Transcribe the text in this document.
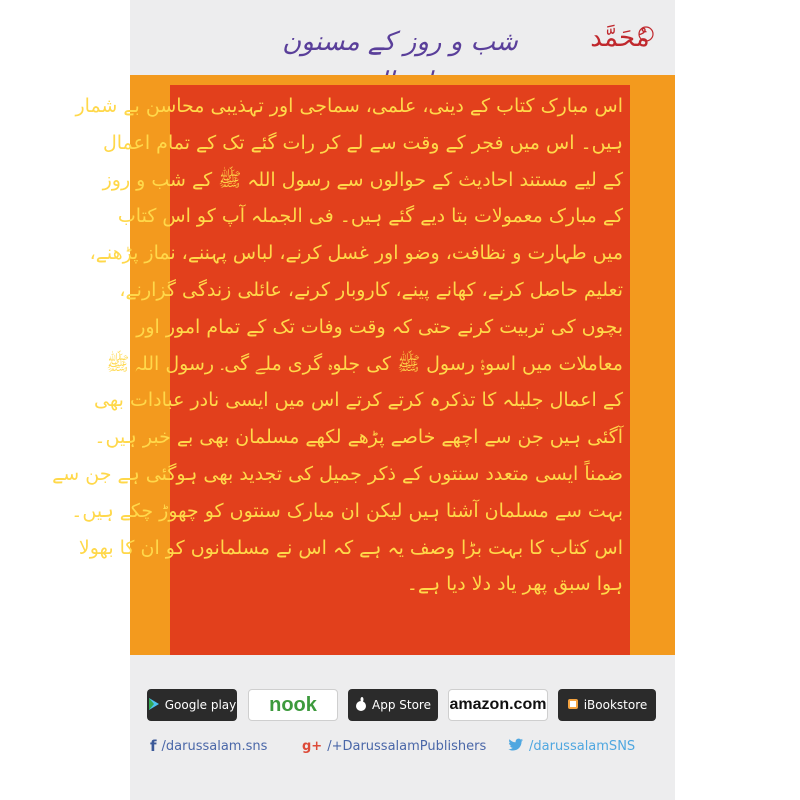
مُحَمَّد
شب و روز کے مسنون
اس مبارک کتاب کے دینی، علمی، سماجی اور تہذیبی محاسن بے شمار
ہیں۔ اس میں فجر کے وقت سے لے کر رات گئے تک کے تمام اعمال
کے لیے مستند احادیث کے حوالوں سے رسول اللہ ﷺ کے شب و روز
کے مبارک معمولات بتا دیے گئے ہیں۔ فی الجملہ آپ کو اس کتاب
میں طہارت و نظافت، وضو اور غسل کرنے، لباس پہننے، نماز پڑھنے،
تعلیم حاصل کرنے، کھانے پینے، کاروبار کرنے، عائلی زندگی گزارنے،
بچوں کی تربیت کرنے حتی کہ وقت وفات تک کے تمام امور اور
معاملات میں اسوۂ رسول ﷺ کی جلوہ گری ملے گی۔ رسول اللہ ﷺ
کے اعمال جلیلہ کا تذکرہ کرتے کرتے اس میں ایسی نادر عبادات بھی
آگئی ہیں جن سے اچھے خاصے پڑھے لکھے مسلمان بھی بے خبر ہیں۔
ضمناً ایسی متعدد سنتوں کے ذکر جمیل کی تجدید بھی ہوگئی ہے جن سے
بہت سے مسلمان آشنا ہیں لیکن ان مبارک سنتوں کو چھوڑ چکے ہیں۔
اس کتاب کا بہت بڑا وصف یہ ہے کہ اس نے مسلمانوں کو ان کا بھولا
ہوا سبق پھر یاد دلا دیا ہے۔
Google play nook	App Store amazon.com	iBookstore
f /darussalam.sns	g+ /+DarussalamPublishers	/darussalamSNS
